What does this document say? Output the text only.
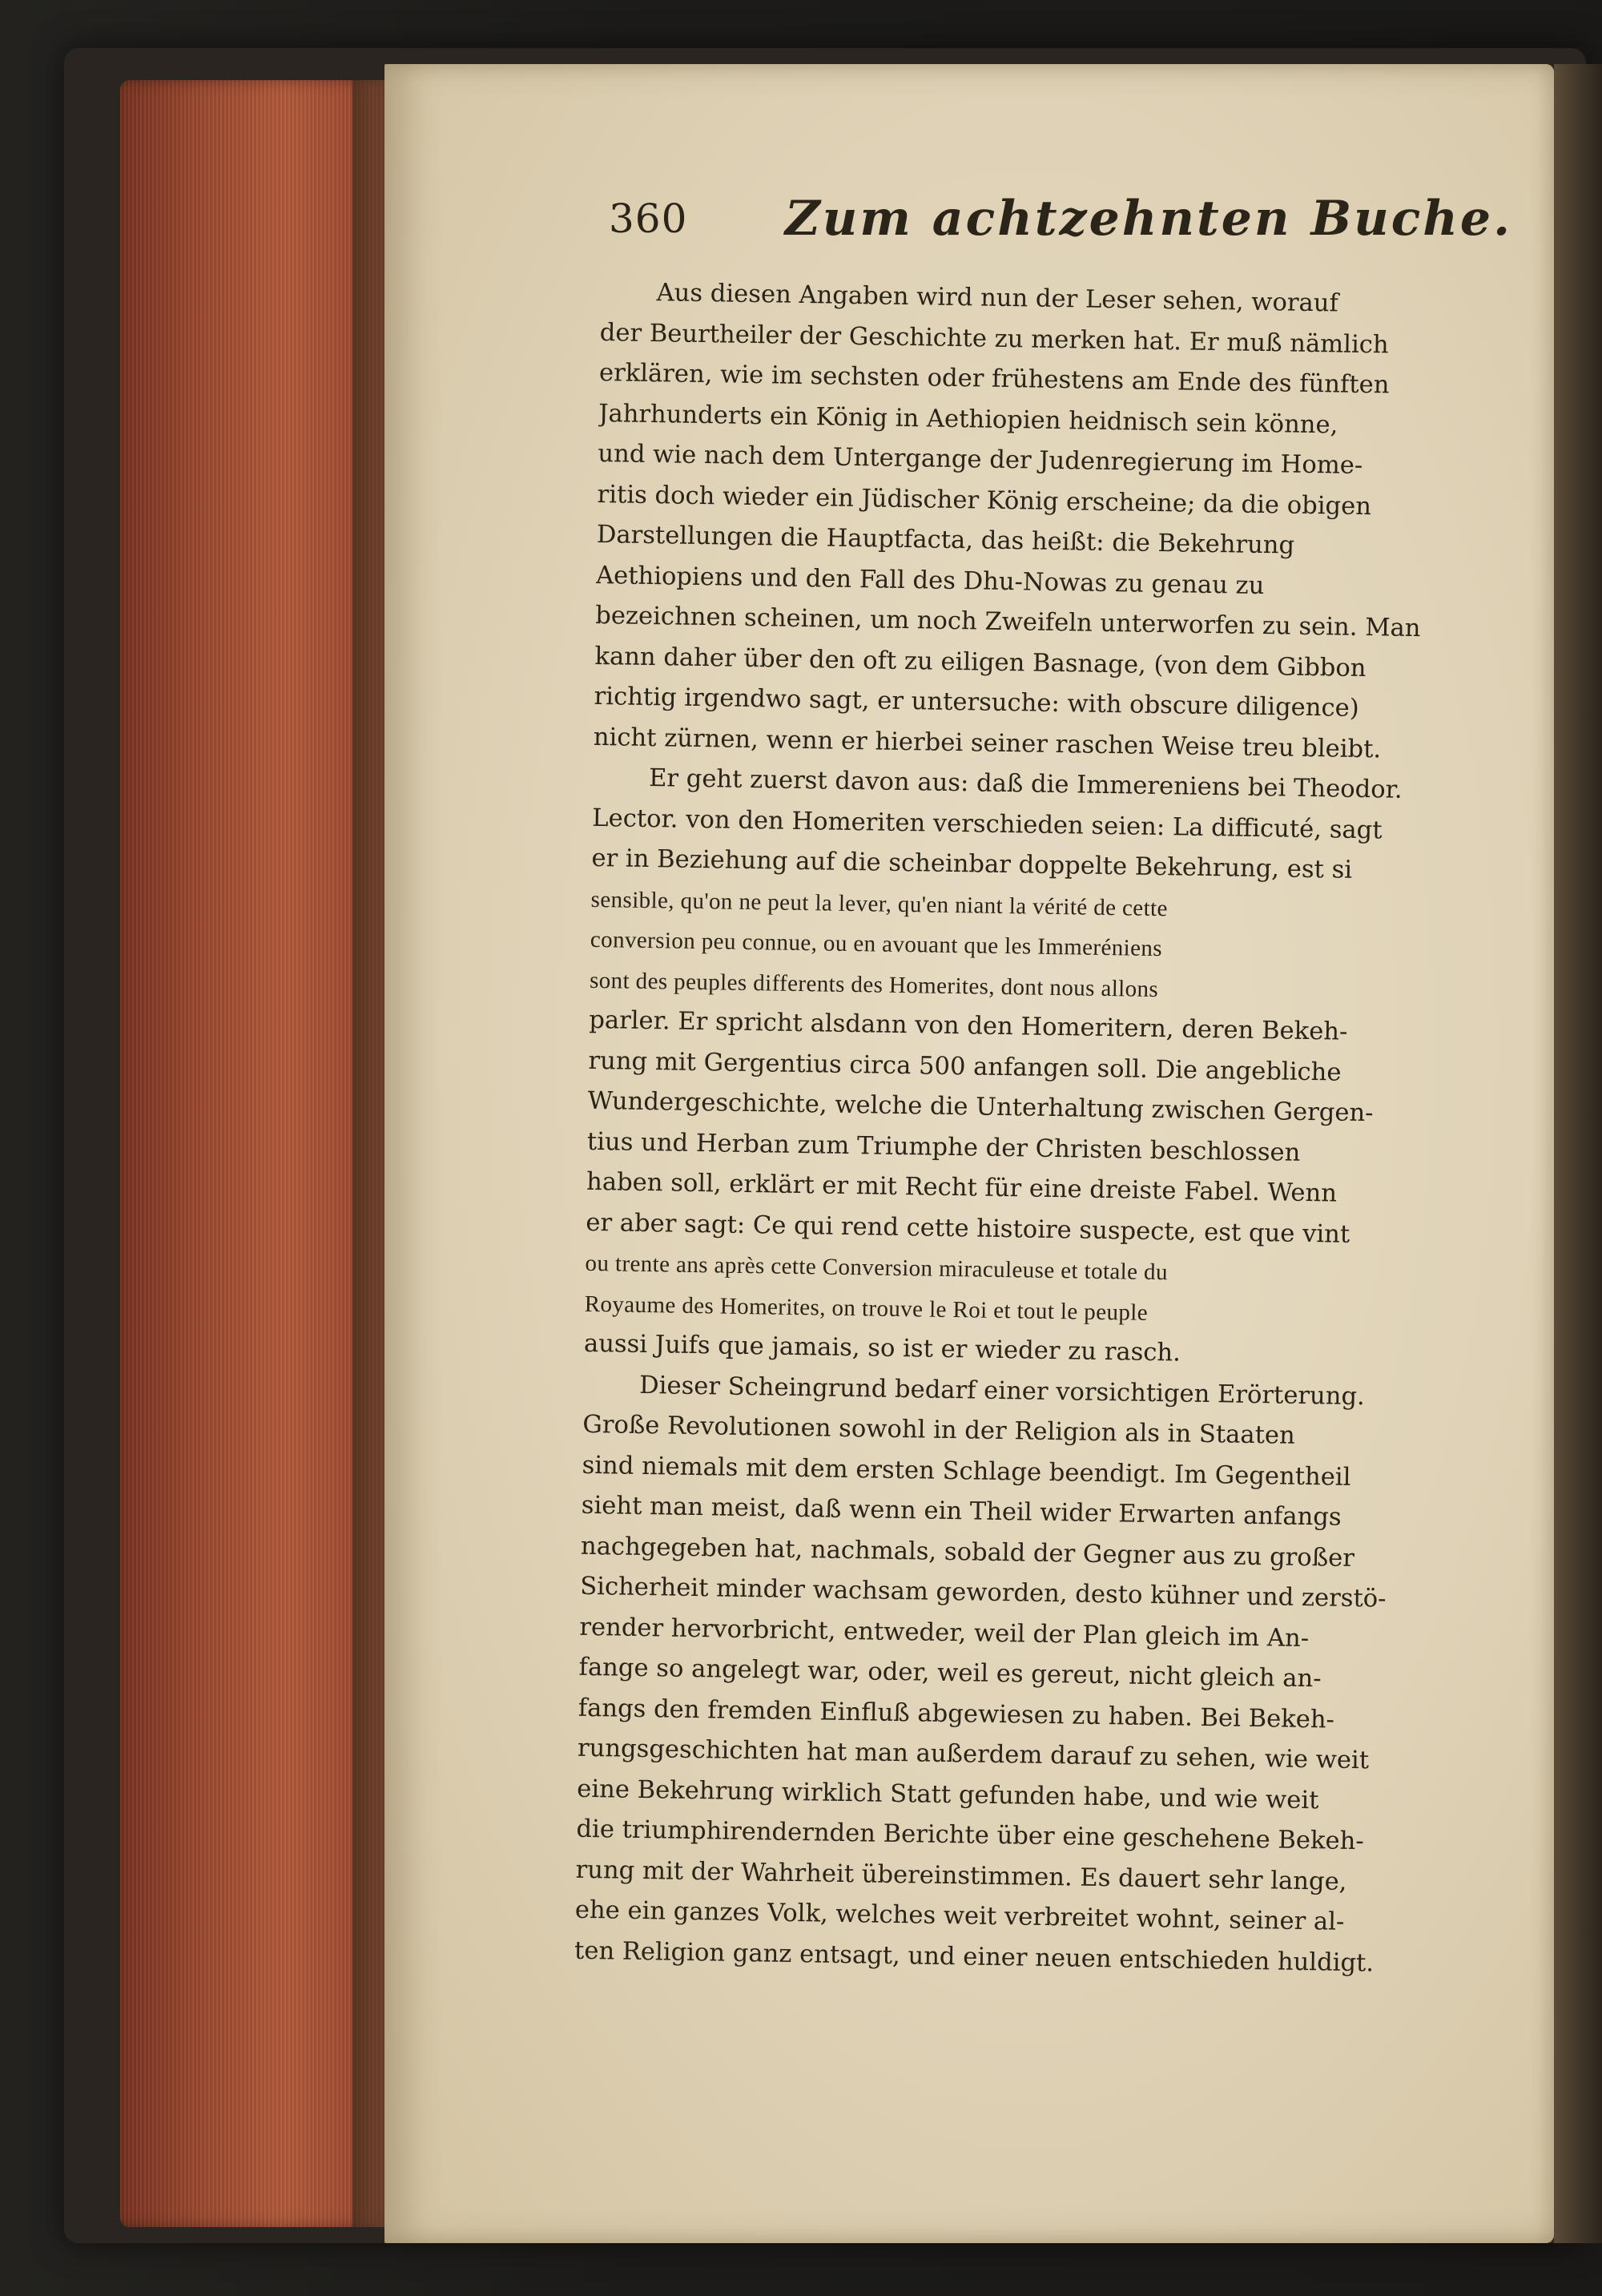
360 Zum achtzehnten Buche.
Aus diesen Angaben wird nun der Leser sehen, worauf
der Beurtheiler der Geschichte zu merken hat. Er muß nämlich
erklären, wie im sechsten oder frühestens am Ende des fünften
Jahrhunderts ein König in Aethiopien heidnisch sein könne,
und wie nach dem Untergange der Judenregierung im Home-
ritis doch wieder ein Jüdischer König erscheine; da die obigen
Darstellungen die Hauptfacta, das heißt: die Bekehrung
Aethiopiens und den Fall des Dhu-Nowas zu genau zu
bezeichnen scheinen, um noch Zweifeln unterworfen zu sein. Man
kann daher über den oft zu eiligen Basnage, (von dem Gibbon
richtig irgendwo sagt, er untersuche: with obscure diligence)
nicht zürnen, wenn er hierbei seiner raschen Weise treu bleibt.
Er geht zuerst davon aus: daß die Immereniens bei Theodor.
Lector. von den Homeriten verschieden seien: La difficuté, sagt
er in Beziehung auf die scheinbar doppelte Bekehrung, est si
sensible, qu'on ne peut la lever, qu'en niant la vérité de cette
conversion peu connue, ou en avouant que les Immeréniens
sont des peuples differents des Homerites, dont nous allons
parler. Er spricht alsdann von den Homeritern, deren Bekeh-
rung mit Gergentius circa 500 anfangen soll. Die angebliche
Wundergeschichte, welche die Unterhaltung zwischen Gergen-
tius und Herban zum Triumphe der Christen beschlossen
haben soll, erklärt er mit Recht für eine dreiste Fabel. Wenn
er aber sagt: Ce qui rend cette histoire suspecte, est que vint
ou trente ans après cette Conversion miraculeuse et totale du
Royaume des Homerites, on trouve le Roi et tout le peuple
aussi Juifs que jamais, so ist er wieder zu rasch.
Dieser Scheingrund bedarf einer vorsichtigen Erörterung.
Große Revolutionen sowohl in der Religion als in Staaten
sind niemals mit dem ersten Schlage beendigt. Im Gegentheil
sieht man meist, daß wenn ein Theil wider Erwarten anfangs
nachgegeben hat, nachmals, sobald der Gegner aus zu großer
Sicherheit minder wachsam geworden, desto kühner und zerstö-
render hervorbricht, entweder, weil der Plan gleich im An-
fange so angelegt war, oder, weil es gereut, nicht gleich an-
fangs den fremden Einfluß abgewiesen zu haben. Bei Bekeh-
rungsgeschichten hat man außerdem darauf zu sehen, wie weit
eine Bekehrung wirklich Statt gefunden habe, und wie weit
die triumphirendernden Berichte über eine geschehene Bekeh-
rung mit der Wahrheit übereinstimmen. Es dauert sehr lange,
ehe ein ganzes Volk, welches weit verbreitet wohnt, seiner al-
ten Religion ganz entsagt, und einer neuen entschieden huldigt.
